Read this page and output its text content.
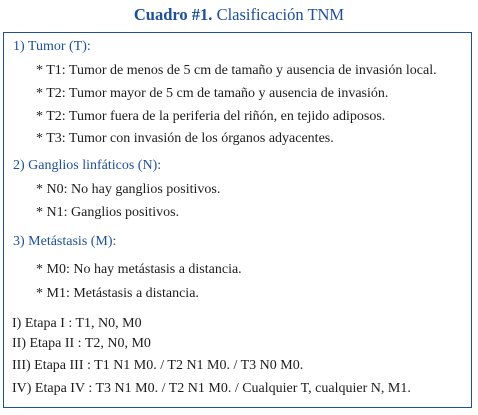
Cuadro #1. Clasificación TNM
1) Tumor (T):
* T1: Tumor de menos de 5 cm de tamaño y ausencia de invasión local.
* T2: Tumor mayor de 5 cm de tamaño y ausencia de invasión.
* T2: Tumor fuera de la periferia del riñón, en tejido adiposos.
* T3: Tumor con invasión de los órganos adyacentes.
2) Ganglios linfáticos (N):
* N0: No hay ganglios positivos.
* N1: Ganglios positivos.
3) Metástasis (M):
* M0: No hay metástasis a distancia.
* M1: Metástasis a distancia.
I) Etapa I : T1, N0, M0
II) Etapa II : T2, N0, M0
III) Etapa III : T1 N1 M0. / T2 N1 M0. / T3 N0 M0.
IV) Etapa IV : T3 N1 M0. / T2 N1 M0. / Cualquier T, cualquier N, M1.
